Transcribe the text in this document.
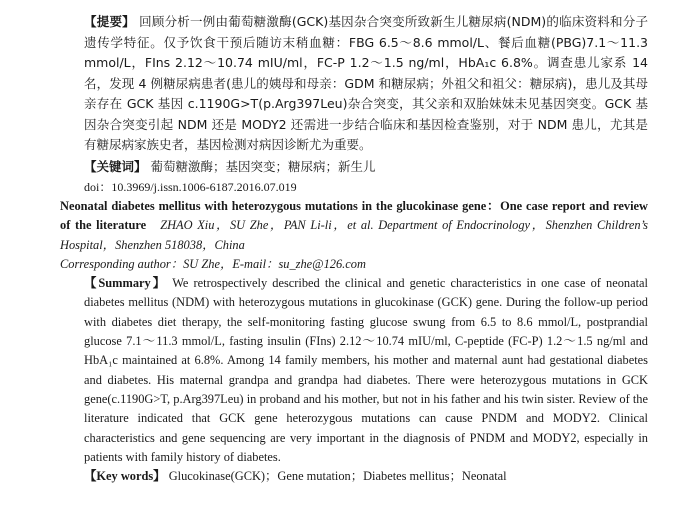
【提要】 回顾分析一例由葡萄糖激酶(GCK)基因杂合突变所致新生儿糖尿病(NDM)的临床资料和分子遗传学特征。仅予饮食干预后随访末稍血糖：FBG 6.5～8.6 mmol/L、餐后血糖(PBG)7.1～11.3 mmol/L，FIns 2.12～10.74 mIU/ml，FC-P 1.2～1.5 ng/ml，HbA₁c 6.8%。调查患儿家系 14 名，发现 4 例糖尿病患者(患儿的姨母和母亲：GDM 和糖尿病；外祖父和祖父：糖尿病)，患儿及其母亲存在 GCK 基因 c.1190G>T(p.Arg397Leu)杂合突变，其父亲和双胎妹妹未见基因突变。GCK 基因杂合突变引起 NDM 还是 MODY2 还需进一步结合临床和基因检查鉴别，对于 NDM 患儿，尤其是有糖尿病家族史者，基因检测对病因诊断尤为重要。
【关键词】 葡萄糖激酶；基因突变；糖尿病；新生儿
doi：10.3969/j.issn.1006-6187.2016.07.019

Neonatal diabetes mellitus with heterozygous mutations in the glucokinase gene：One case report and review of the literature ZHAO Xiu，SU Zhe，PAN Li-li，et al. Department of Endocrinology，Shenzhen Children’s Hospital，Shenzhen 518038，China

Corresponding author：SU Zhe，E-mail：su_zhe@126.com

【Summary】 We retrospectively described the clinical and genetic characteristics in one case of neonatal diabetes mellitus (NDM) with heterozygous mutations in glucokinase (GCK) gene. During the follow-up period with diabetes diet therapy, the self-monitoring fasting glucose swung from 6.5 to 8.6 mmol/L, postprandial glucose 7.1～11.3 mmol/L, fasting insulin (FIns) 2.12～10.74 mIU/ml, C-peptide (FC-P) 1.2～1.5 ng/ml and HbA₁c maintained at 6.8%. Among 14 family members, his mother and maternal aunt had gestational diabetes and diabetes. His maternal grandpa and grandpa had diabetes. There were heterozygous mutations in GCK gene(c.1190G>T, p.Arg397Leu) in proband and his mother, but not in his father and his twin sister. Review of the literature indicated that GCK gene heterozygous mutations can cause PNDM and MODY2. Clinical characteristics and gene sequencing are very important in the diagnosis of PNDM and MODY2, especially in patients with family history of diabetes.

【Key words】 Glucokinase(GCK)；Gene mutation；Diabetes mellitus；Neonatal
